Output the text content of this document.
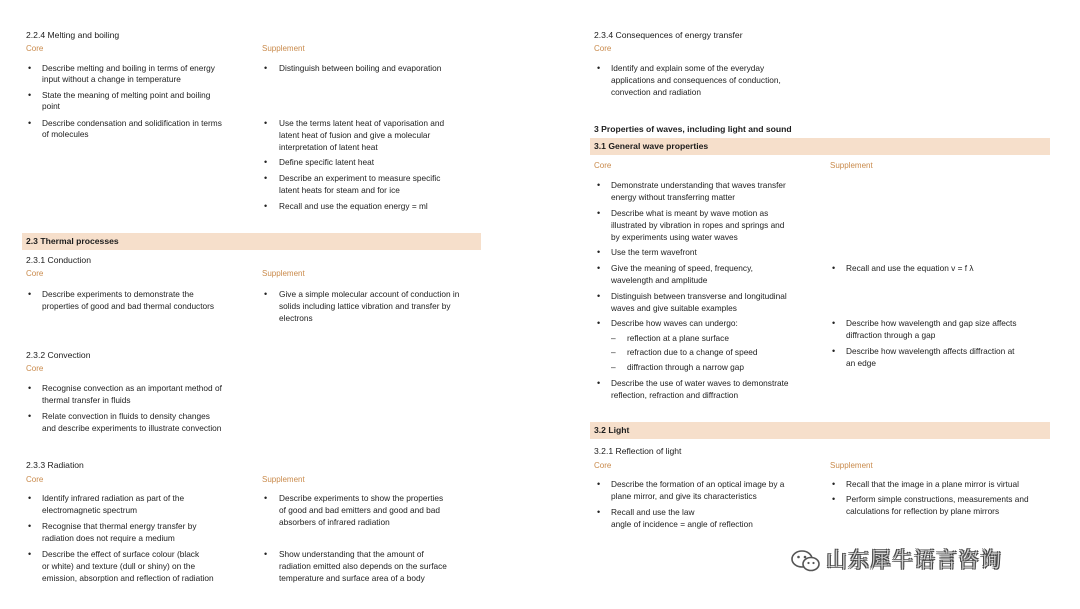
2.2.4 Melting and boiling
Core	Supplement
• Describe melting and boiling in terms of energy
input without a change in temperature
• State the meaning of melting point and boiling
point
• Describe condensation and solidification in terms
of molecules
• Distinguish between boiling and evaporation
• Use the terms latent heat of vaporisation and
latent heat of fusion and give a molecular
interpretation of latent heat
• Define specific latent heat
• Describe an experiment to measure specific
latent heats for steam and for ice
• Recall and use the equation energy = ml
2.3 Thermal processes
2.3.1 Conduction
Core	Supplement
• Describe experiments to demonstrate the
properties of good and bad thermal conductors
• Give a simple molecular account of conduction in
solids including lattice vibration and transfer by
electrons
2.3.2 Convection
Core
• Recognise convection as an important method of
thermal transfer in fluids
• Relate convection in fluids to density changes
and describe experiments to illustrate convection
2.3.3 Radiation
Core	Supplement
• Identify infrared radiation as part of the
electromagnetic spectrum
• Recognise that thermal energy transfer by
radiation does not require a medium
• Describe the effect of surface colour (black
or white) and texture (dull or shiny) on the
emission, absorption and reflection of radiation
• Describe experiments to show the properties
of good and bad emitters and good and bad
absorbers of infrared radiation
• Show understanding that the amount of
radiation emitted also depends on the surface
temperature and surface area of a body
2.3.4 Consequences of energy transfer
Core
• Identify and explain some of the everyday
applications and consequences of conduction,
convection and radiation
3 Properties of waves, including light and sound
3.1 General wave properties
Core	Supplement
• Demonstrate understanding that waves transfer
energy without transferring matter
• Describe what is meant by wave motion as
illustrated by vibration in ropes and springs and
by experiments using water waves
• Use the term wavefront
• Give the meaning of speed, frequency,
wavelength and amplitude
• Distinguish between transverse and longitudinal
waves and give suitable examples
• Describe how waves can undergo:
– reflection at a plane surface
– refraction due to a change of speed
– diffraction through a narrow gap
• Describe the use of water waves to demonstrate
reflection, refraction and diffraction
• Recall and use the equation v = f λ
• Describe how wavelength and gap size affects
diffraction through a gap
• Describe how wavelength affects diffraction at
an edge
3.2 Light
3.2.1 Reflection of light
Core	Supplement
• Describe the formation of an optical image by a
plane mirror, and give its characteristics
• Recall and use the law
angle of incidence = angle of reflection
• Recall that the image in a plane mirror is virtual
• Perform simple constructions, measurements and
calculations for reflection by plane mirrors
山东犀牛语言咨询
